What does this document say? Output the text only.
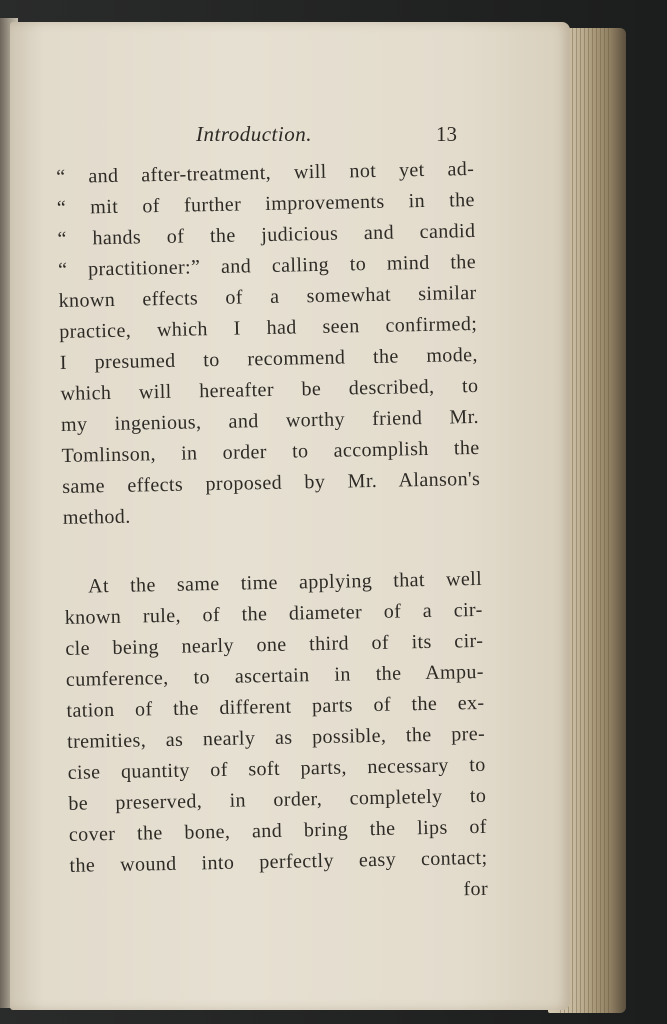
Introduction.	13
“ and after-treatment, will not yet ad-
“ mit of further improvements in the
“ hands of the judicious and candid
“ practitioner:” and calling to mind the
known effects of a somewhat similar
practice, which I had seen confirmed;
I presumed to recommend the mode,
which will hereafter be described, to
my ingenious, and worthy friend Mr.
Tomlinson, in order to accomplish the
same effects proposed by Mr. Alanson's
method.
At the same time applying that well
known rule, of the diameter of a cir-
cle being nearly one third of its cir-
cumference, to ascertain in the Ampu-
tation of the different parts of the ex-
tremities, as nearly as possible, the pre-
cise quantity of soft parts, necessary to
be preserved, in order, completely to
cover the bone, and bring the lips of
the wound into perfectly easy contact;
for
